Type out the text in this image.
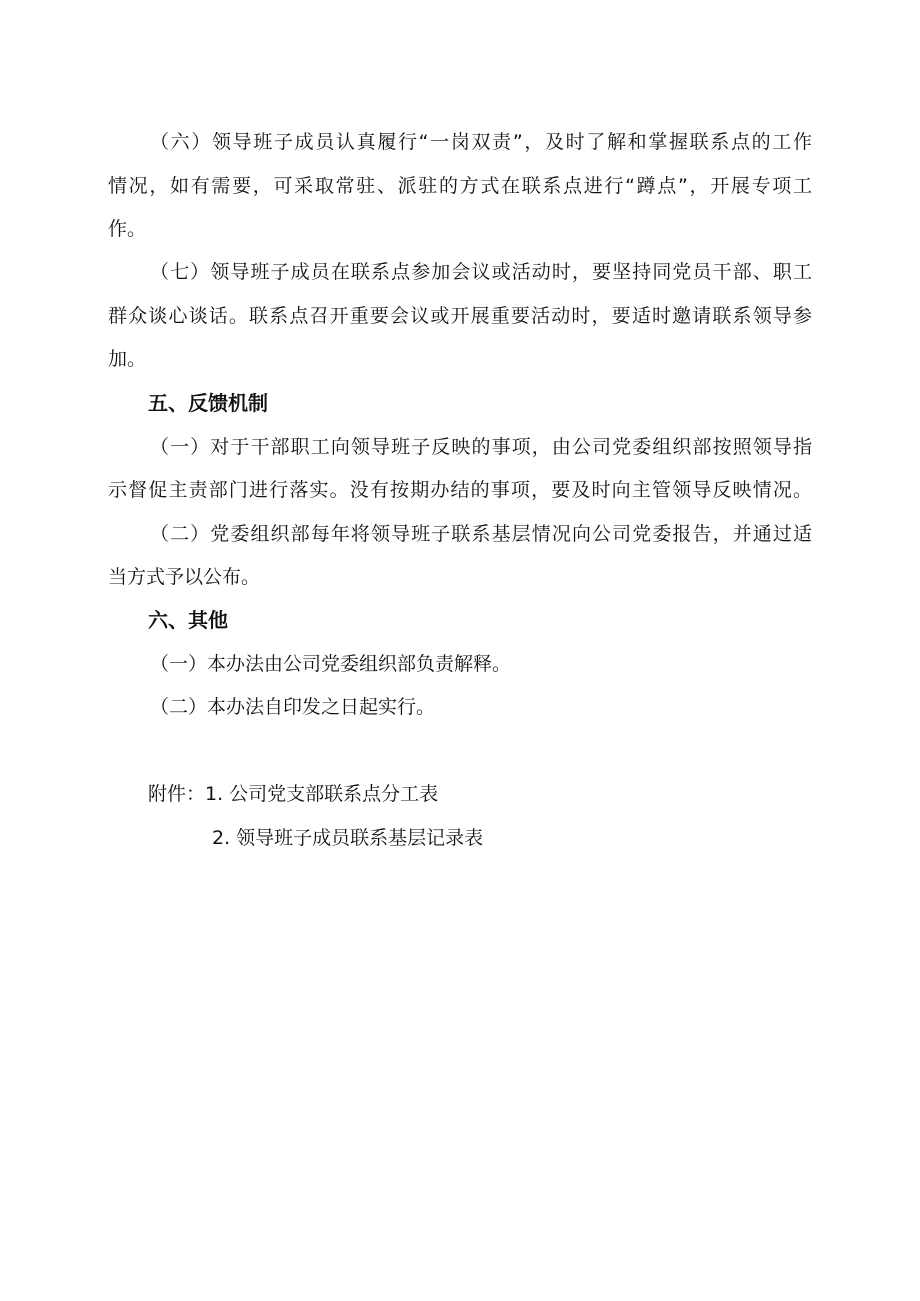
（六）领导班子成员认真履行“一岗双责”，及时了解和掌握联系点的工作
情况，如有需要，可采取常驻、派驻的方式在联系点进行“蹲点”，开展专项工
作。
（七）领导班子成员在联系点参加会议或活动时，要坚持同党员干部、职工
群众谈心谈话。联系点召开重要会议或开展重要活动时，要适时邀请联系领导参
加。
五、反馈机制
（一）对于干部职工向领导班子反映的事项，由公司党委组织部按照领导指
示督促主责部门进行落实。没有按期办结的事项，要及时向主管领导反映情况。
（二）党委组织部每年将领导班子联系基层情况向公司党委报告，并通过适
当方式予以公布。
六、其他
（一）本办法由公司党委组织部负责解释。
（二）本办法自印发之日起实行。
附件： 1. 公司党支部联系点分工表
2. 领导班子成员联系基层记录表
